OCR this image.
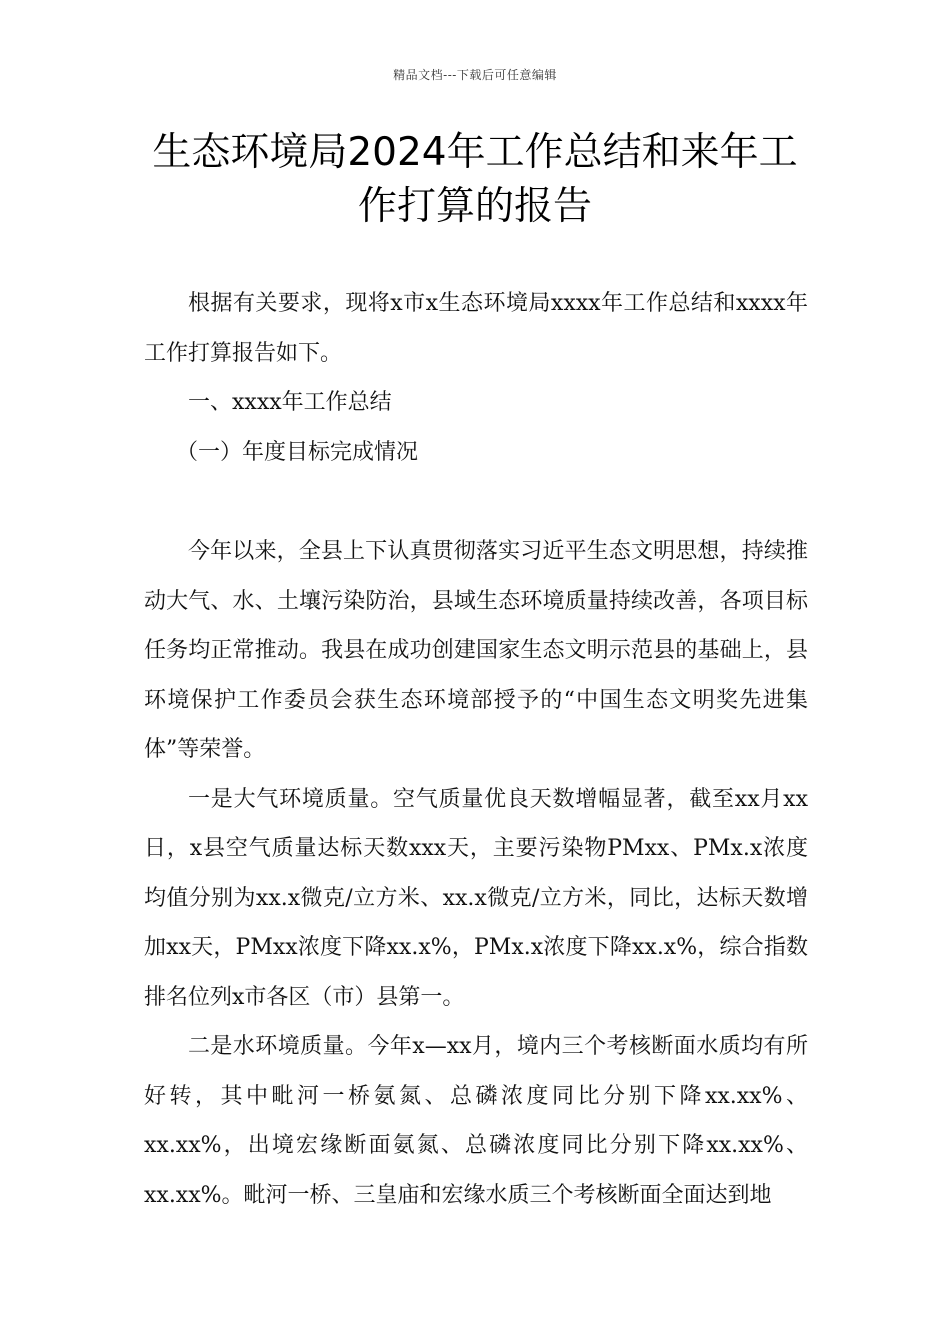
精品文档---下载后可任意编辑
生态环境局2024年工作总结和来年工作打算的报告

根据有关要求，现将x市x生态环境局xxxx年工作总结和xxxx年工作打算报告如下。

一、xxxx年工作总结

（一）年度目标完成情况

今年以来，全县上下认真贯彻落实习近平生态文明思想，持续推动大气、水、土壤污染防治，县域生态环境质量持续改善，各项目标任务均正常推动。我县在成功创建国家生态文明示范县的基础上，县环境保护工作委员会获生态环境部授予的“中国生态文明奖先进集体”等荣誉。

一是大气环境质量。空气质量优良天数增幅显著，截至xx月xx日，x县空气质量达标天数xxx天，主要污染物PMxx、PMx.x浓度均值分别为xx.x微克/立方米、xx.x微克/立方米，同比，达标天数增加xx天，PMxx浓度下降xx.x%，PMx.x浓度下降xx.x%，综合指数排名位列x市各区（市）县第一。

二是水环境质量。今年x—xx月，境内三个考核断面水质均有所好转，其中毗河一桥氨氮、总磷浓度同比分别下降xx.xx%、xx.xx%，出境宏缘断面氨氮、总磷浓度同比分别下降xx.xx%、xx.xx%。毗河一桥、三皇庙和宏缘水质三个考核断面全面达到地
